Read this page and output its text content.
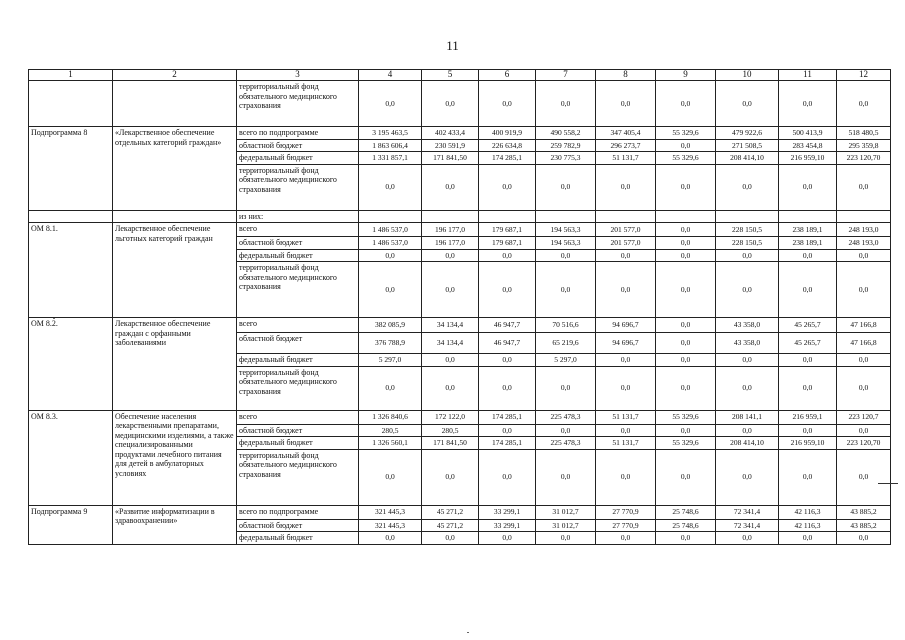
11
1	2	3	4	5	6	7	8	9	10	11	12
		территориальный фонд обязательного медицинского страхования	0,0	0,0	0,0	0,0	0,0	0,0	0,0	0,0	0,0
Подпрограмма 8	«Лекарственное обеспечение отдельных категорий граждан»	всего по подпрограмме	3 195 463,5	402 433,4	400 919,9	490 558,2	347 405,4	55 329,6	479 922,6	500 413,9	518 480,5
		областной бюджет	1 863 606,4	230 591,9	226 634,8	259 782,9	296 273,7	0,0	271 508,5	283 454,8	295 359,8
		федеральный бюджет	1 331 857,1	171 841,50	174 285,1	230 775,3	51 131,7	55 329,6	208 414,10	216 959,10	223 120,70
		территориальный фонд обязательного медицинского страхования	0,0	0,0	0,0	0,0	0,0	0,0	0,0	0,0	0,0
		из них:									
ОМ 8.1.	Лекарственное обеспечение льготных категорий граждан	всего	1 486 537,0	196 177,0	179 687,1	194 563,3	201 577,0	0,0	228 150,5	238 189,1	248 193,0
		областной бюджет	1 486 537,0	196 177,0	179 687,1	194 563,3	201 577,0	0,0	228 150,5	238 189,1	248 193,0
		федеральный бюджет	0,0	0,0	0,0	0,0	0,0	0,0	0,0	0,0	0,0
		территориальный фонд обязательного медицинского страхования	0,0	0,0	0,0	0,0	0,0	0,0	0,0	0,0	0,0
ОМ 8.2.	Лекарственное обеспечение граждан с орфанными заболеваниями	всего	382 085,9	34 134,4	46 947,7	70 516,6	94 696,7	0,0	43 358,0	45 265,7	47 166,8
		областной бюджет	376 788,9	34 134,4	46 947,7	65 219,6	94 696,7	0,0	43 358,0	45 265,7	47 166,8
		федеральный бюджет	5 297,0	0,0	0,0	5 297,0	0,0	0,0	0,0	0,0	0,0
		территориальный фонд обязательного медицинского страхования	0,0	0,0	0,0	0,0	0,0	0,0	0,0	0,0	0,0
ОМ 8.3.	Обеспечение населения лекарственными препаратами, медицинскими изделиями, а также специализированными продуктами лечебного питания для детей в амбулаторных условиях	всего	1 326 840,6	172 122,0	174 285,1	225 478,3	51 131,7	55 329,6	208 141,1	216 959,1	223 120,7
		областной бюджет	280,5	280,5	0,0	0,0	0,0	0,0	0,0	0,0	0,0
		федеральный бюджет	1 326 560,1	171 841,50	174 285,1	225 478,3	51 131,7	55 329,6	208 414,10	216 959,10	223 120,70
		территориальный фонд обязательного медицинского страхования	0,0	0,0	0,0	0,0	0,0	0,0	0,0	0,0	0,0
Подпрограмма 9	«Развитие информатизации в здравоохранении»	всего по подпрограмме	321 445,3	45 271,2	33 299,1	31 012,7	27 770,9	25 748,6	72 341,4	42 116,3	43 885,2
		областной бюджет	321 445,3	45 271,2	33 299,1	31 012,7	27 770,9	25 748,6	72 341,4	42 116,3	43 885,2
		федеральный бюджет	0,0	0,0	0,0	0,0	0,0	0,0	0,0	0,0	0,0
